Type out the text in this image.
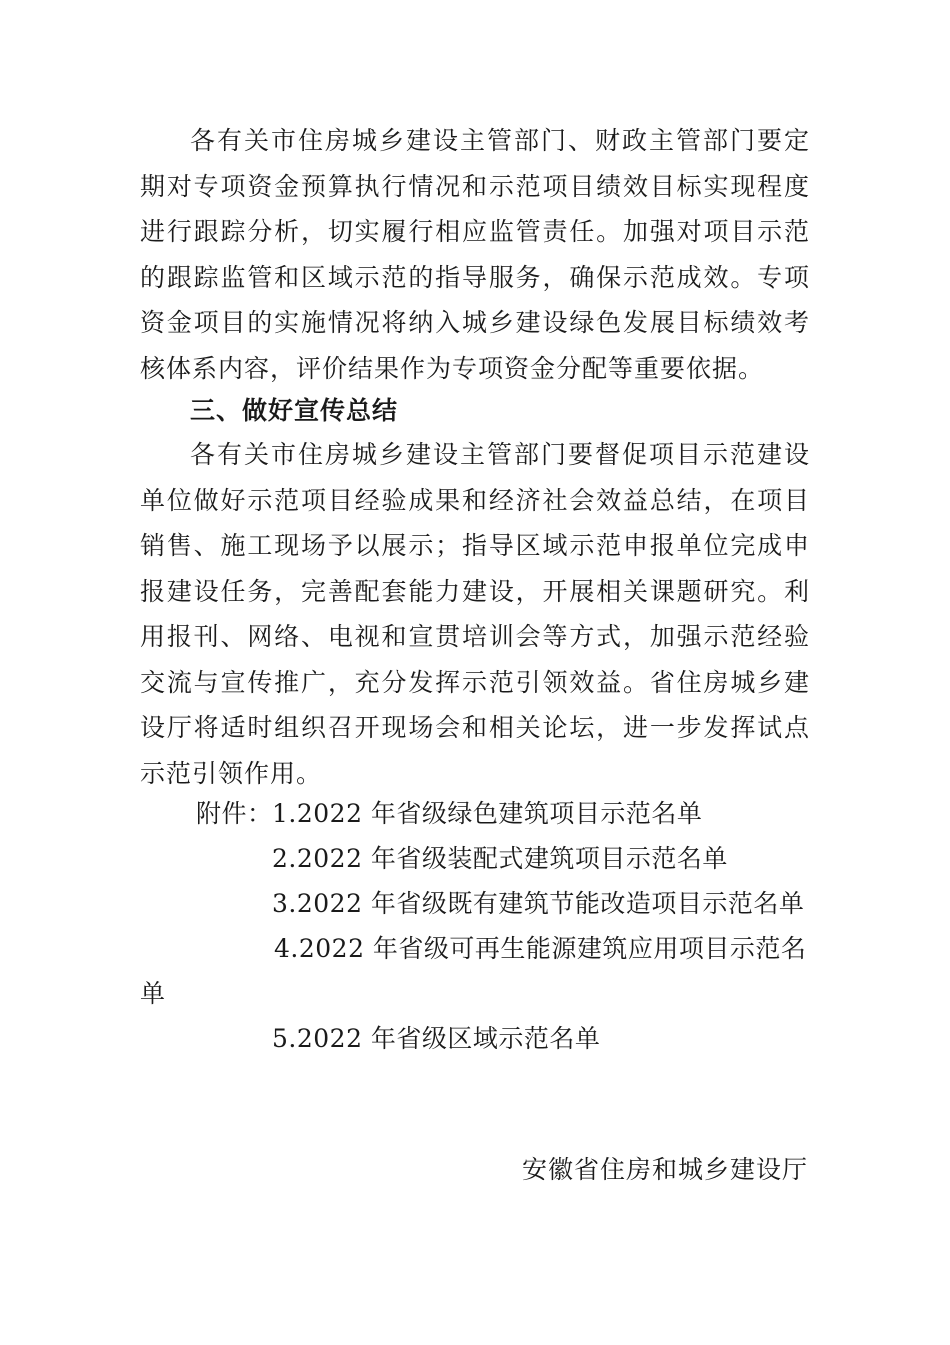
各有关市住房城乡建设主管部门、财政主管部门要定期对专项资金预算执行情况和示范项目绩效目标实现程度进行跟踪分析，切实履行相应监管责任。加强对项目示范的跟踪监管和区域示范的指导服务，确保示范成效。专项资金项目的实施情况将纳入城乡建设绿色发展目标绩效考核体系内容，评价结果作为专项资金分配等重要依据。

三、做好宣传总结

各有关市住房城乡建设主管部门要督促项目示范建设单位做好示范项目经验成果和经济社会效益总结，在项目销售、施工现场予以展示；指导区域示范申报单位完成申报建设任务，完善配套能力建设，开展相关课题研究。利用报刊、网络、电视和宣贯培训会等方式，加强示范经验交流与宣传推广，充分发挥示范引领效益。省住房城乡建设厅将适时组织召开现场会和相关论坛，进一步发挥试点示范引领作用。

附件： 1.2022 年省级绿色建筑项目示范名单

2.2022 年省级装配式建筑项目示范名单

3.2022 年省级既有建筑节能改造项目示范名单

4.2022 年省级可再生能源建筑应用项目示范名单

5.2022 年省级区域示范名单

安徽省住房和城乡建设厅
